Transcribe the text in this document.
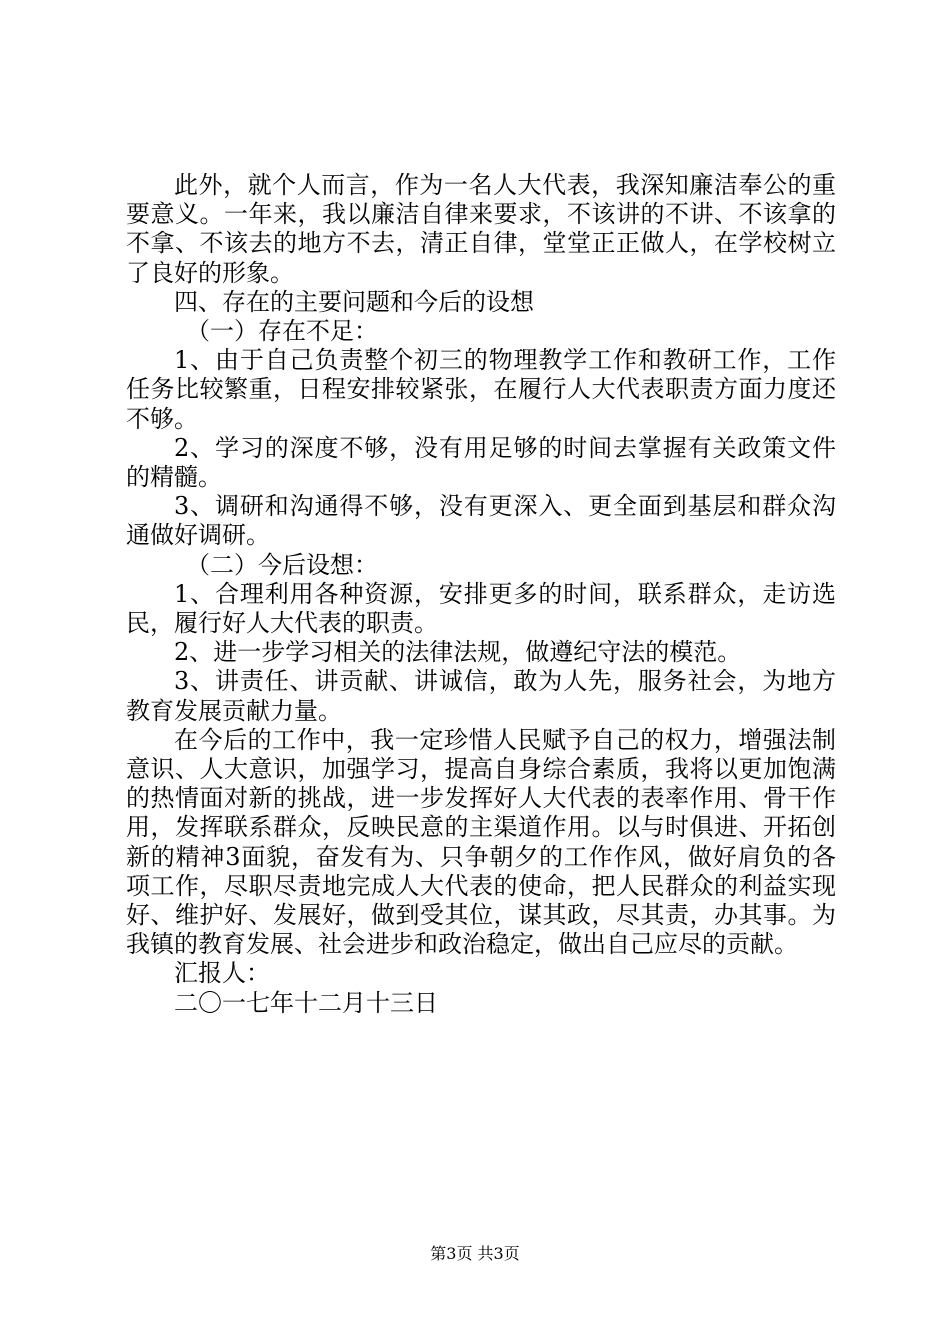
此外，就个人而言，作为一名人大代表，我深知廉洁奉公的重要意义。一年来，我以廉洁自律来要求，不该讲的不讲、不该拿的不拿、不该去的地方不去，清正自律，堂堂正正做人，在学校树立了良好的形象。

四、存在的主要问题和今后的设想

（一）存在不足：

1、由于自己负责整个初三的物理教学工作和教研工作，工作任务比较繁重，日程安排较紧张，在履行人大代表职责方面力度还不够。

2、学习的深度不够，没有用足够的时间去掌握有关政策文件的精髓。

3、调研和沟通得不够，没有更深入、更全面到基层和群众沟通做好调研。

（二）今后设想：

1、合理利用各种资源，安排更多的时间，联系群众，走访选民，履行好人大代表的职责。

2、进一步学习相关的法律法规，做遵纪守法的模范。

3、讲责任、讲贡献、讲诚信，敢为人先，服务社会，为地方教育发展贡献力量。

在今后的工作中，我一定珍惜人民赋予自己的权力，增强法制意识、人大意识，加强学习，提高自身综合素质，我将以更加饱满的热情面对新的挑战，进一步发挥好人大代表的表率作用、骨干作用，发挥联系群众，反映民意的主渠道作用。以与时俱进、开拓创新的精神3面貌，奋发有为、只争朝夕的工作作风，做好肩负的各项工作，尽职尽责地完成人大代表的使命，把人民群众的利益实现好、维护好、发展好，做到受其位，谋其政，尽其责，办其事。为我镇的教育发展、社会进步和政治稳定，做出自己应尽的贡献。

汇报人：

二〇一七年十二月十三日

第3页 共3页
